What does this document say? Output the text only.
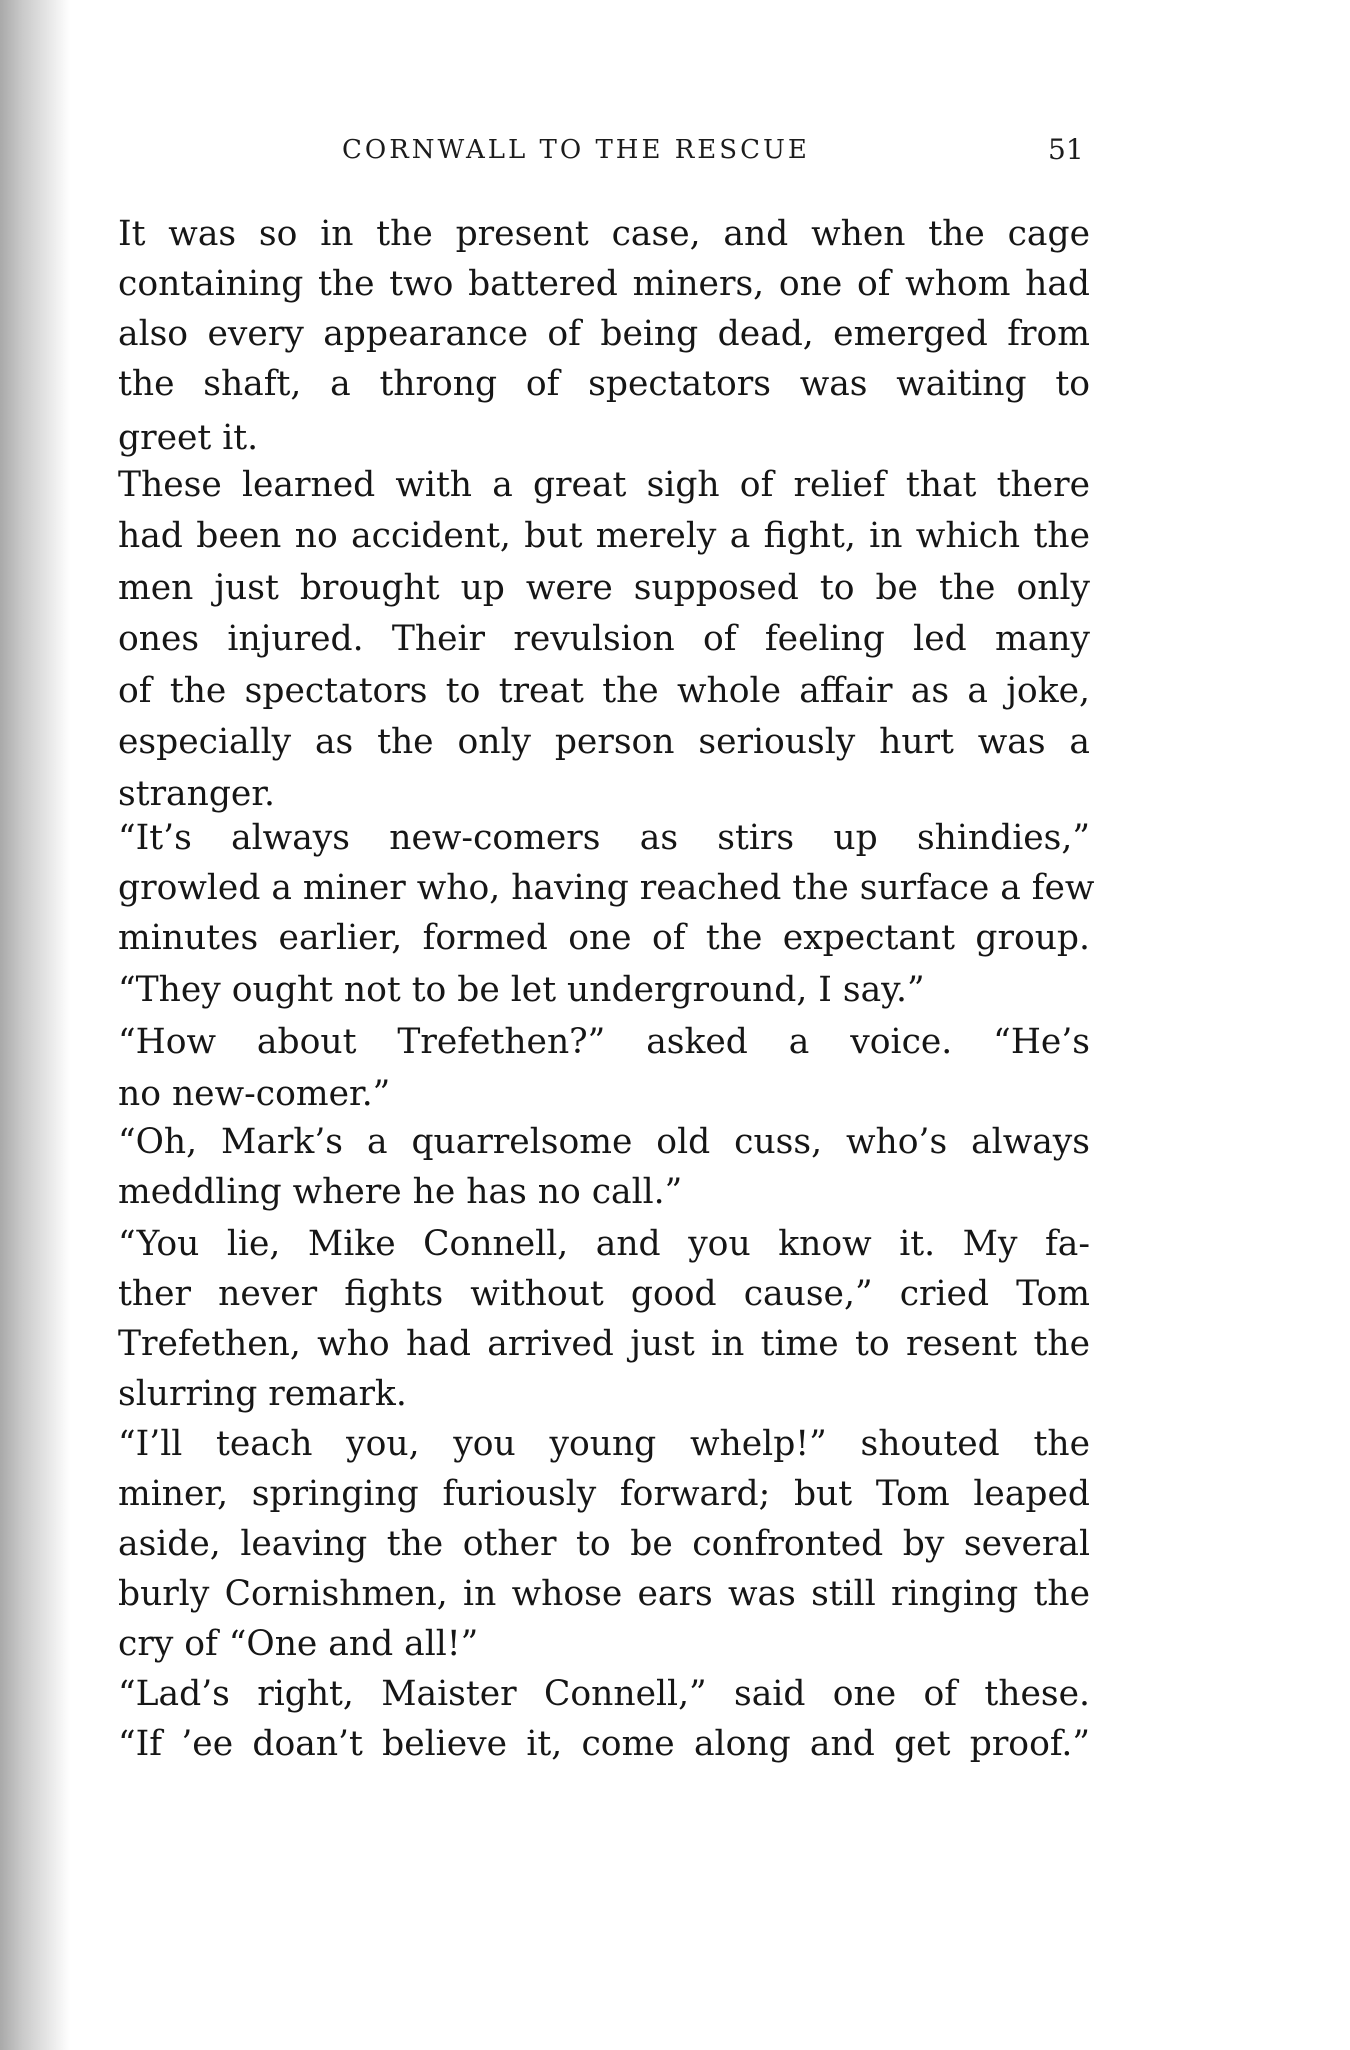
CORNWALL TO THE RESCUE	51
It was so in the present case, and when the cage
containing the two battered miners, one of whom had
also every appearance of being dead, emerged from
the shaft, a throng of spectators was waiting to
greet it.
These learned with a great sigh of relief that there
had been no accident, but merely a fight, in which the
men just brought up were supposed to be the only
ones injured. Their revulsion of feeling led many
of the spectators to treat the whole affair as a joke,
especially as the only person seriously hurt was a
stranger.
“It’s always new-comers as stirs up shindies,”
growled a miner who, having reached the surface a few
minutes earlier, formed one of the expectant group.
“They ought not to be let underground, I say.”
“How about Trefethen?” asked a voice. “He’s
no new-comer.”
“Oh, Mark’s a quarrelsome old cuss, who’s always
meddling where he has no call.”
“You lie, Mike Connell, and you know it. My fa-
ther never fights without good cause,” cried Tom
Trefethen, who had arrived just in time to resent the
slurring remark.
“I’ll teach you, you young whelp!” shouted the
miner, springing furiously forward; but Tom leaped
aside, leaving the other to be confronted by several
burly Cornishmen, in whose ears was still ringing the
cry of “One and all!”
“Lad’s right, Maister Connell,” said one of these.
“If ’ee doan’t believe it, come along and get proof.”
